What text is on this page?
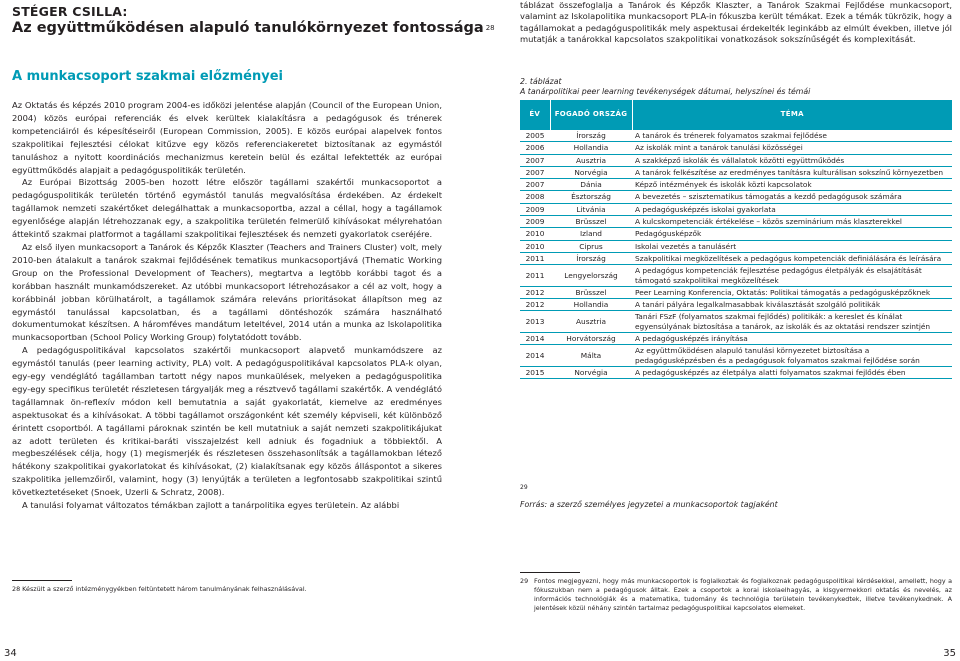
STÉGER CSILLA:
Az együttműködésen alapuló tanulókörnyezet fontossága $^{28}$
A munkacsoport szakmai előzményei

Az Oktatás és képzés 2010 program 2004-es időközi jelentése alapján (Council of the European Union, 2004) közös európai referenciák és elvek kerültek kialakításra a pedagógusok és trénerek kompetenciáiról és képesítéseiről (European Commission, 2005). E közös európai alapelvek fontos szakpolitikai fejlesztési célokat kitűzve egy közös referenciakeretet biztosítanak az egymástól tanuláshoz a nyitott koordinációs mechanizmus keretein belül és ezáltal lefektették az európai együttműködés alapjait a pedagóguspolitikák területén.

Az Európai Bizottság 2005-ben hozott létre először tagállami szakértői munkacsoportot a pedagóguspolitikák területén történő egymástól tanulás megvalósítása érdekében. Az érdekelt tagállamok nemzeti szakértőket delegálhattak a munkacsoportba, azzal a céllal, hogy a tagállamok egyenlősége alapján létrehozzanak egy, a szakpolitika területén felmerülő kihívásokat mélyrehatóan áttekintő szakmai platformot a tagállami szakpolitikai fejlesztések és nemzeti gyakorlatok cseréjére.

Az első ilyen munkacsoport a Tanárok és Képzők Klaszter (Teachers and Trainers Cluster) volt, mely 2010-ben átalakult a tanárok szakmai fejlődésének tematikus munkacsoportjává (Thematic Working Group on the Professional Development of Teachers), megtartva a legtöbb korábbi tagot és a korábban használt munkamódszereket. Az utóbbi munkacsoport létrehozásakor a cél az volt, hogy a korábbinál jobban körülhatárolt, a tagállamok számára releváns prioritásokat állapítson meg az egymástól tanulással kapcsolatban, és a tagállami döntéshozók számára használható dokumentumokat készítsen. A háromféves mandátum leteltével, 2014 után a munka az Iskolapolitika munkacsoportban (School Policy Working Group) folytatódott tovább.

A pedagóguspolitikával kapcsolatos szakértői munkacsoport alapvető munkamódszere az egymástól tanulás (peer learning activity, PLA) volt. A pedagóguspolitikával kapcsolatos PLA-k olyan, egy-egy vendéglátó tagállamban tartott négy napos munkaülések, melyeken a pedagóguspolitika egy-egy specifikus területét részletesen tárgyalják meg a résztvevő tagállami szakértők. A vendéglátó tagállamnak ön-reflexív módon kell bemutatnia a saját gyakorlatát, kiemelve az eredményes aspektusokat és a kihívásokat. A többi tagállamot országonként két személy képviseli, két különböző érintett csoportból. A tagállami pároknak szintén be kell mutatniuk a saját nemzeti szakpolitikájukat az adott területen és kritikai-baráti visszajelzést kell adniuk és fogadniuk a többiektől. A megbeszélések célja, hogy (1) megismerjék és részletesen összehasonlítsák a tagállamokban létező hátékony szakpolitikai gyakorlatokat és kihívásokat, (2) kialakítsanak egy közös álláspontot a sikeres szakpolitika jellemzőiről, valamint, hogy (3) lenyújták a területen a legfontosabb szakpolitikai szintű következtetéseket (Snoek, Uzerli & Schratz, 2008).

A tanulási folyamat változatos témákban zajlott a tanárpolitika egyes területein. Az alábbi

28 Készült a szerző intézménygyékben feltüntetett három tanulmányának felhasználásával.
34

táblázat összefoglalja a Tanárok és Képzők Klaszter, a Tanárok Szakmai Fejlődése munkacsoport, valamint az Iskolapolitika munkacsoport PLA-in fókuszba került témákat. Ezek a témák tükrözik, hogy a tagállamokat a pedagóguspolitikák mely aspektusai érdekelték leginkább az elmúlt években, illetve jól mutatják a tanárokkal kapcsolatos szakpolitikai vonatkozások sokszínűségét és komplexitását.

2. táblázat
A tanárpolitikai peer learning tevékenységek dátumai, helyszínei és témái
ÉV	FOGADÓ ORSZÁG	TÉMA
2005	Írország	A tanárok és trénerek folyamatos szakmai fejlődése
2006	Hollandia	Az iskolák mint a tanárok tanulási közösségei
2007	Ausztria	A szakképző iskolák és vállalatok közötti együttműködés
2007	Norvégia	A tanárok felkészítése az eredményes tanításra kulturálisan sokszínű környezetben
2007	Dánia	Képző intézmények és iskolák közti kapcsolatok
2008	Észtország	A bevezetés – szisztematikus támogatás a kezdő pedagógusok számára
2009	Litvánia	A pedagógusképzés iskolai gyakorlata
2009	Brüsszel	A kulcskompetenciák értékelése – közös szeminárium más klaszterekkel
2010	Izland	Pedagógusképzők
2010	Ciprus	Iskolai vezetés a tanulásért
2011	Írország	Szakpolitikai megközelítések a pedagógus kompetenciák definiálására és leírására
2011	Lengyelország	A pedagógus kompetenciák fejlesztése pedagógus életpályák és elsajátítását támogató szakpolitikai megközelítések
2012	Brüsszel	Peer Learning Konferencia, Oktatás: Politikai támogatás a pedagógusképzőknek
2012	Hollandia	A tanári pályára legalkalmasabbak kiválasztását szolgáló politikák
2013	Ausztria	Tanári FSzF (folyamatos szakmai fejlődés) politikák: a kereslet és kínálat egyensúlyának biztosítása a tanárok, az iskolák és az oktatási rendszer szintjén
2014	Horvátország	A pedagógusképzés irányítása
2014	Málta	Az együttműködésen alapuló tanulási környezetet biztosítása a pedagógusképzésben és a pedagógusok folyamatos szakmai fejlődése során
2015	Norvégia	A pedagógusképzés az életpálya alatti folyamatos szakmai fejlődés ében
29
Forrás: a szerző személyes jegyzetei a munkacsoportok tagjaként
29 Fontos megjegyezni, hogy más munkacsoportok is foglalkoztak és foglalkoznak pedagóguspolitikai kérdésekkel, amellett, hogy a fókuszukban nem a pedagógusok álltak. Ezek a csoportok a korai iskolaelhagyás, a kisgyermekkori oktatás és nevelés, az információs technológiák és a matematika, tudomány és technológia területein tevékenykedtek, illetve tevékenykednek. A jelentések közül néhány szintén tartalmaz pedagóguspolitikai kapcsolatos elemeket.
35
